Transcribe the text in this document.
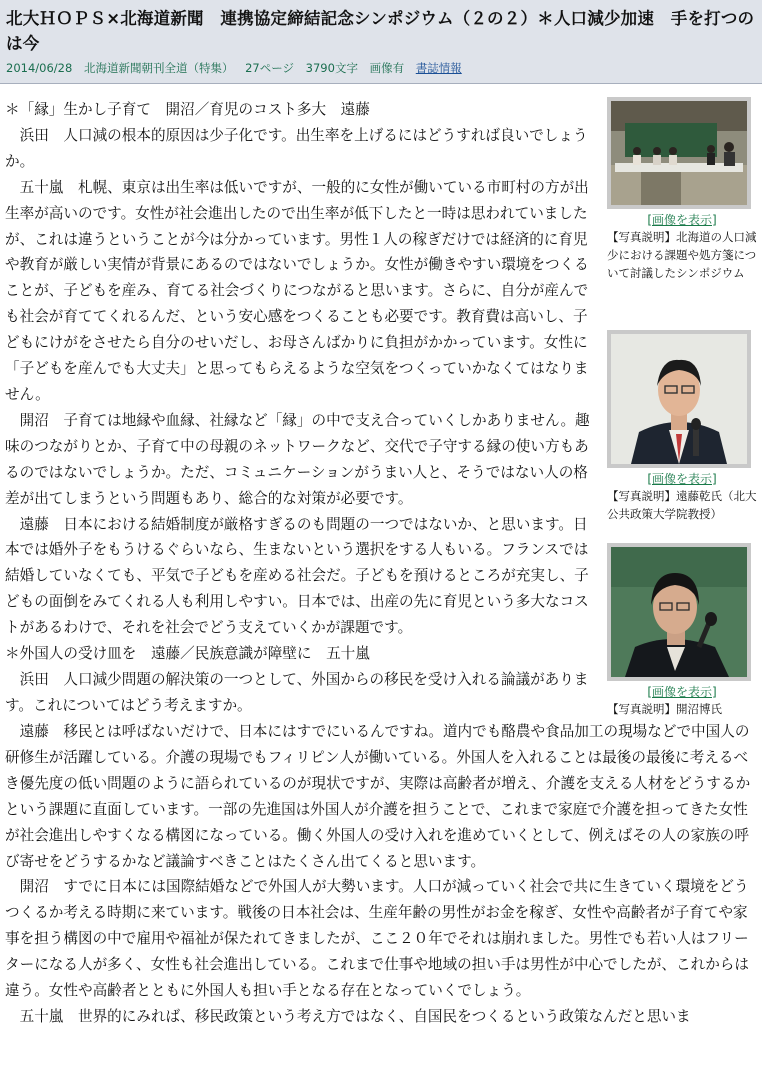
北大ＨＯＰＳ×北海道新聞　連携協定締結記念シンポジウム（２の２）＊人口減少加速　手を打つのは今
2014/06/28 北海道新聞朝刊全道（特集） 27ページ 3790文字 画像有 書誌情報

＊「縁」生かし子育て　開沼／育児のコスト多大　遠藤

　浜田　人口減の根本的原因は少子化です。出生率を上げるにはどうすれば良いでしょうか。

　五十嵐　札幌、東京は出生率は低いですが、一般的に女性が働いている市町村の方が出生率が高いのです。女性が社会進出したので出生率が低下したと一時は思われていましたが、これは違うということが今は分かっています。男性１人の稼ぎだけでは経済的に育児や教育が厳しい実情が背景にあるのではないでしょうか。女性が働きやすい環境をつくることが、子どもを産み、育てる社会づくりにつながると思います。さらに、自分が産んでも社会が育ててくれるんだ、という安心感をつくることも必要です。教育費は高いし、子どもにけがをさせたら自分のせいだし、お母さんばかりに負担がかかっています。女性に「子どもを産んでも大丈夫」と思ってもらえるような空気をつくっていかなくてはなりません。

　開沼　子育ては地縁や血縁、社縁など「縁」の中で支え合っていくしかありません。趣味のつながりとか、子育て中の母親のネットワークなど、交代で子守する縁の使い方もあるのではないでしょうか。ただ、コミュニケーションがうまい人と、そうではない人の格差が出てしまうという問題もあり、総合的な対策が必要です。

　遠藤　日本における結婚制度が厳格すぎるのも問題の一つではないか、と思います。日本では婚外子をもうけるぐらいなら、生まないという選択をする人もいる。フランスでは結婚していなくても、平気で子どもを産める社会だ。子どもを預けるところが充実し、子どもの面倒をみてくれる人も利用しやすい。日本では、出産の先に育児という多大なコストがあるわけで、それを社会でどう支えていくかが課題です。

＊外国人の受け皿を　遠藤／民族意識が障壁に　五十嵐

　浜田　人口減少問題の解決策の一つとして、外国からの移民を受け入れる論議があります。これについてはどう考えますか。

　遠藤　移民とは呼ばないだけで、日本にはすでにいるんですね。道内でも酪農や食品加工の現場などで中国人の研修生が活躍している。介護の現場でもフィリピン人が働いている。外国人を入れることは最後の最後に考えるべき優先度の低い問題のように語られているのが現状ですが、実際は高齢者が増え、介護を支える人材をどうするかという課題に直面しています。一部の先進国は外国人が介護を担うことで、これまで家庭で介護を担ってきた女性が社会進出しやすくなる構図になっている。働く外国人の受け入れを進めていくとして、例えばその人の家族の呼び寄せをどうするかなど議論すべきことはたくさん出てくると思います。

　開沼　すでに日本には国際結婚などで外国人が大勢います。人口が減っていく社会で共に生きていく環境をどうつくるか考える時期に来ています。戦後の日本社会は、生産年齢の男性がお金を稼ぎ、女性や高齢者が子育てや家事を担う構図の中で雇用や福祉が保たれてきましたが、ここ２０年でそれは崩れました。男性でも若い人はフリーターになる人が多く、女性も社会進出している。これまで仕事や地域の担い手は男性が中心でしたが、これからは違う。女性や高齢者とともに外国人も担い手となる存在となっていくでしょう。

　五十嵐　世界的にみれば、移民政策という考え方ではなく、自国民をつくるという政策なんだと思いま

[画像を表示]
【写真説明】北海道の人口減少における課題や処方箋について討議したシンポジウム
[画像を表示]
【写真説明】遠藤乾氏（北大公共政策大学院教授）
[画像を表示]
【写真説明】開沼博氏
